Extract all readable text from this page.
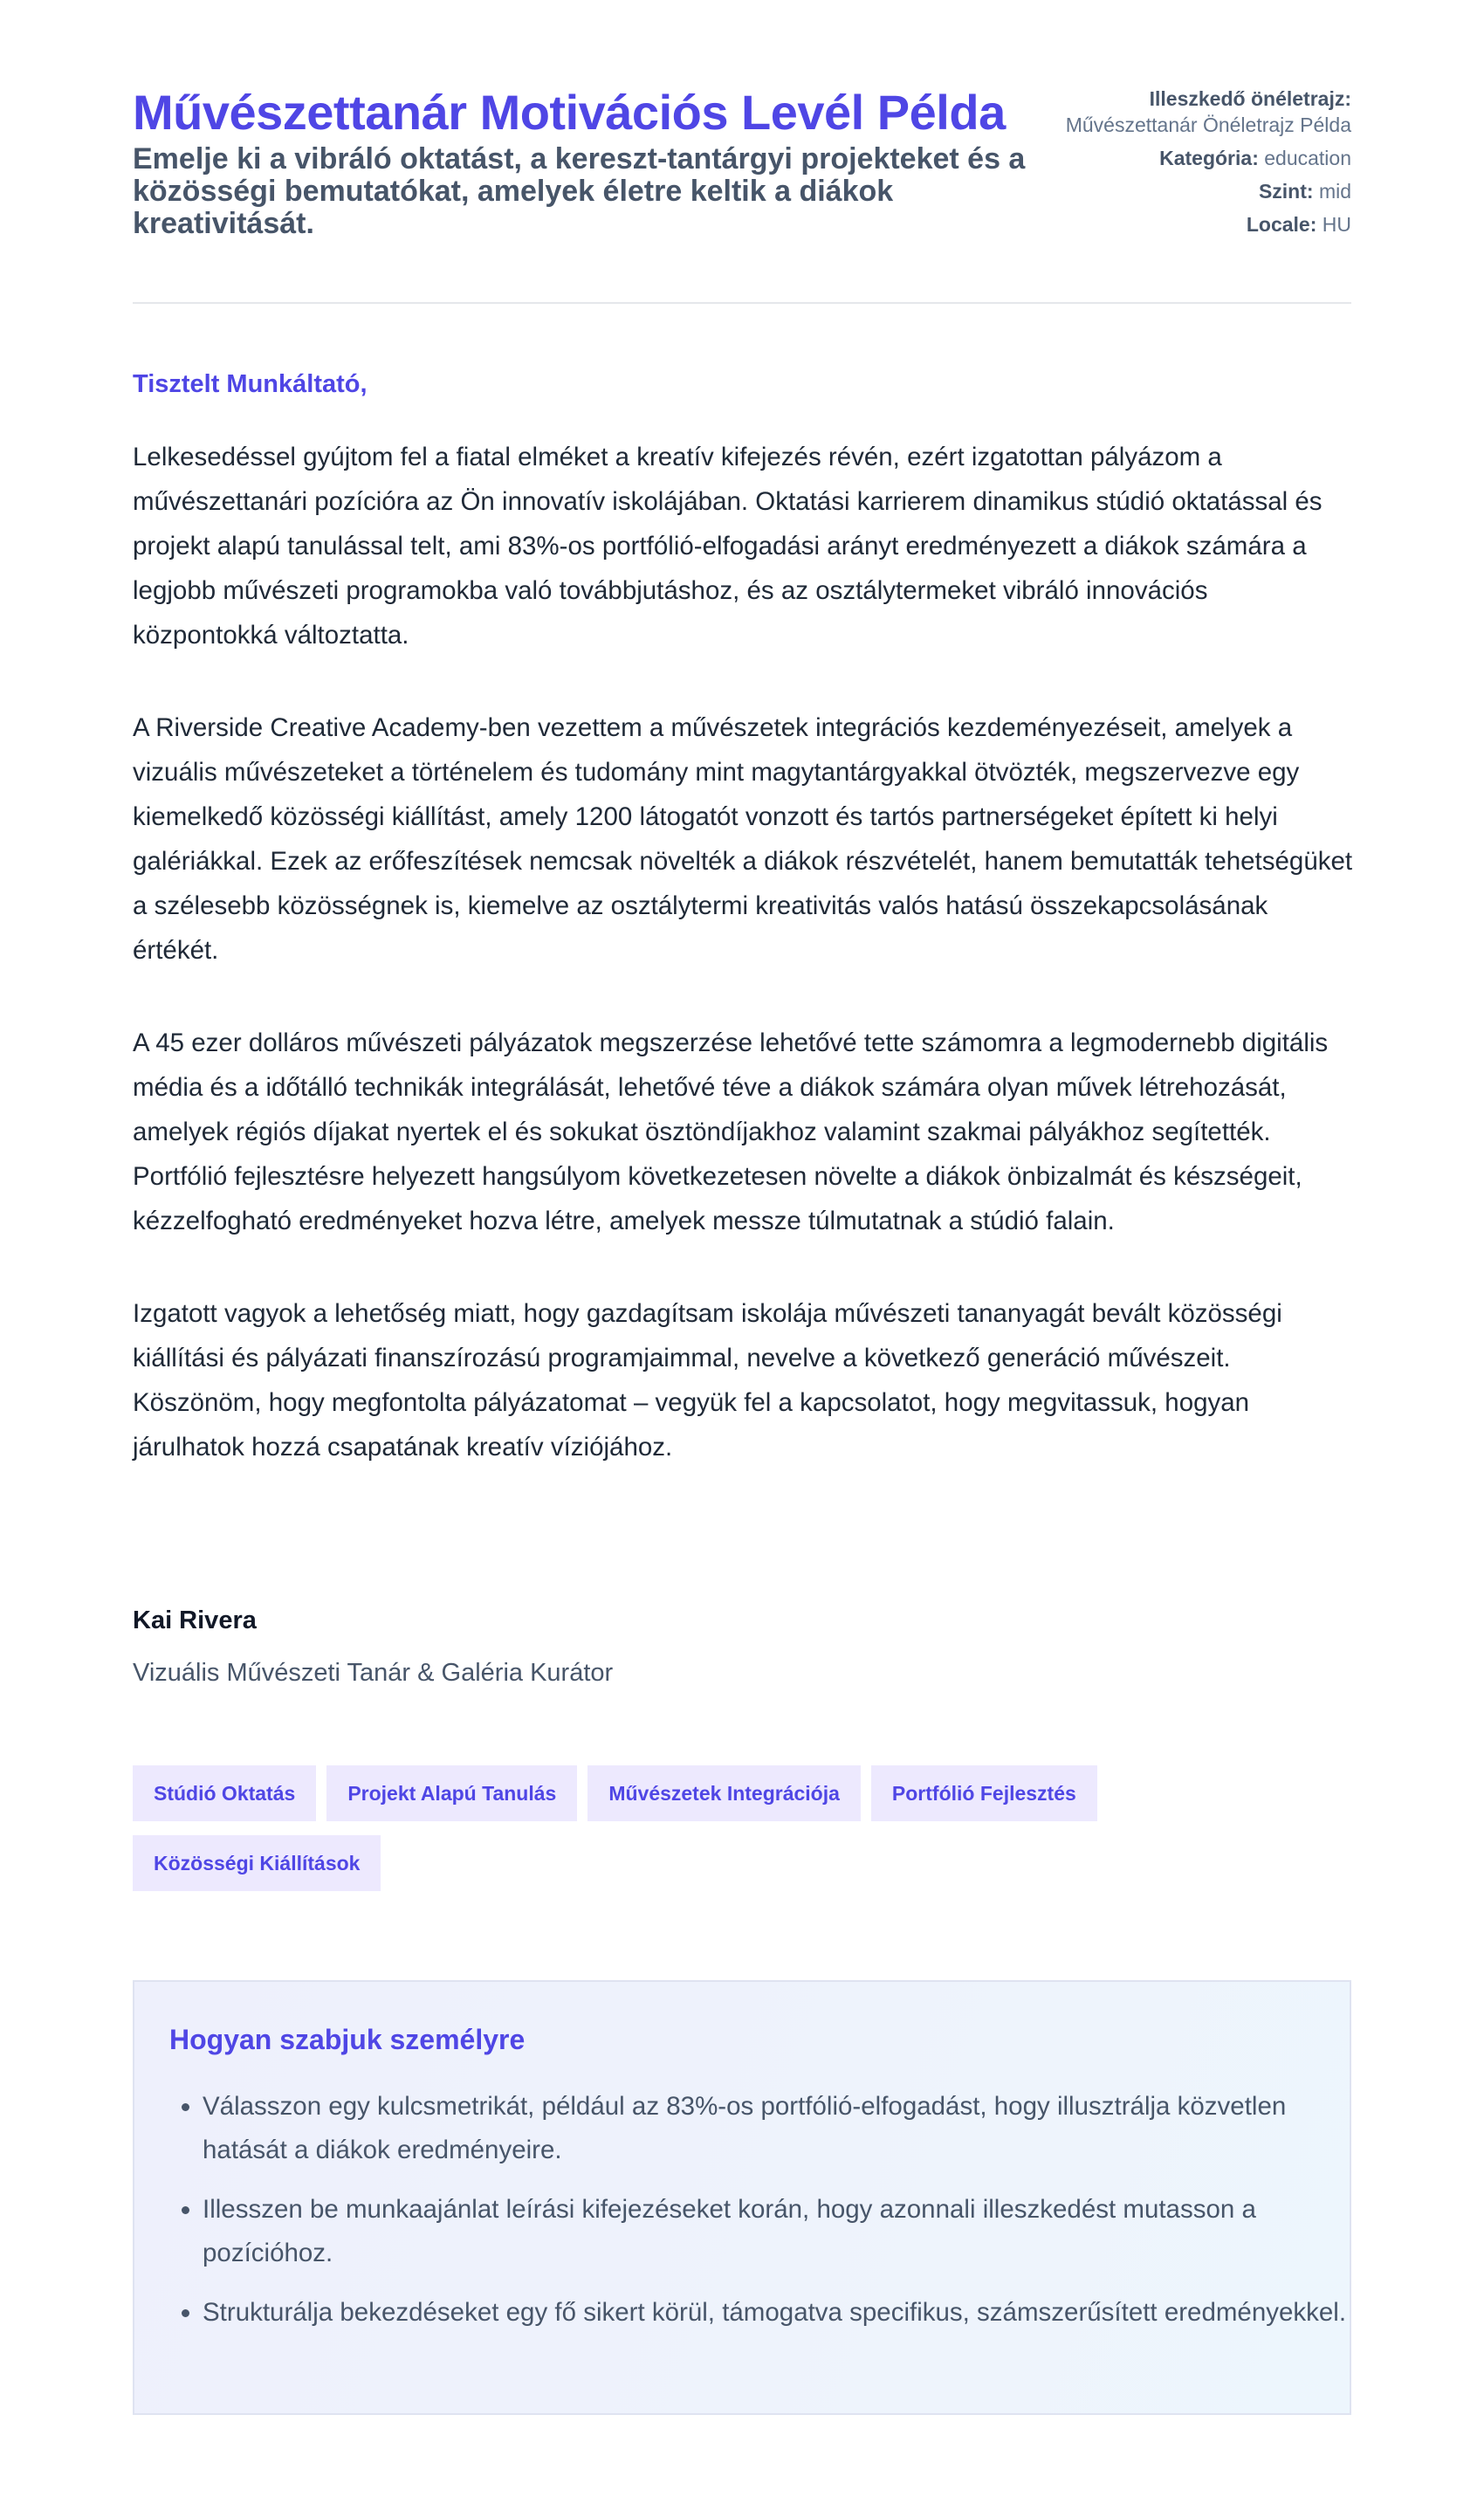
Művészettanár Motivációs Levél Példa
Emelje ki a vibráló oktatást, a kereszt-tantárgyi projekteket és a közösségi bemutatókat, amelyek életre keltik a diákok kreativitását.
Illeszkedő önéletrajz:
Művészettanár Önéletrajz Példa
Kategória: education
Szint: mid
Locale: HU
Tisztelt Munkáltató,

Lelkesedéssel gyújtom fel a fiatal elméket a kreatív kifejezés révén, ezért izgatottan pályázom a művészettanári pozícióra az Ön innovatív iskolájában. Oktatási karrierem dinamikus stúdió oktatással és projekt alapú tanulással telt, ami 83%-os portfólió-elfogadási arányt eredményezett a diákok számára a legjobb művészeti programokba való továbbjutáshoz, és az osztálytermeket vibráló innovációs központokká változtatta.

A Riverside Creative Academy-ben vezettem a művészetek integrációs kezdeményezéseit, amelyek a vizuális művészeteket a történelem és tudomány mint magytantárgyakkal ötvözték, megszervezve egy kiemelkedő közösségi kiállítást, amely 1200 látogatót vonzott és tartós partnerségeket épített ki helyi galériákkal. Ezek az erőfeszítések nemcsak növelték a diákok részvételét, hanem bemutatták tehetségüket a szélesebb közösségnek is, kiemelve az osztálytermi kreativitás valós hatású összekapcsolásának értékét.

A 45 ezer dolláros művészeti pályázatok megszerzése lehetővé tette számomra a legmodernebb digitális média és a időtálló technikák integrálását, lehetővé téve a diákok számára olyan művek létrehozását, amelyek régiós díjakat nyertek el és sokukat ösztöndíjakhoz valamint szakmai pályákhoz segítették. Portfólió fejlesztésre helyezett hangsúlyom következetesen növelte a diákok önbizalmát és készségeit, kézzelfogható eredményeket hozva létre, amelyek messze túlmutatnak a stúdió falain.

Izgatott vagyok a lehetőség miatt, hogy gazdagítsam iskolája művészeti tananyagát bevált közösségi kiállítási és pályázati finanszírozású programjaimmal, nevelve a következő generáció művészeit. Köszönöm, hogy megfontolta pályázatomat – vegyük fel a kapcsolatot, hogy megvitassuk, hogyan járulhatok hozzá csapatának kreatív víziójához.

Kai Rivera
Vizuális Művészeti Tanár & Galéria Kurátor
Stúdió Oktatás	Projekt Alapú Tanulás	Művészetek Integrációja	Portfólió Fejlesztés
Közösségi Kiállítások
Hogyan szabjuk személyre
• Válasszon egy kulcsmetrikát, például az 83%-os portfólió-elfogadást, hogy illusztrálja közvetlen hatását a diákok eredményeire.
• Illesszen be munkaajánlat leírási kifejezéseket korán, hogy azonnali illeszkedést mutasson a pozícióhoz.
• Strukturálja bekezdéseket egy fő sikert körül, támogatva specifikus, számszerűsített eredményekkel.
